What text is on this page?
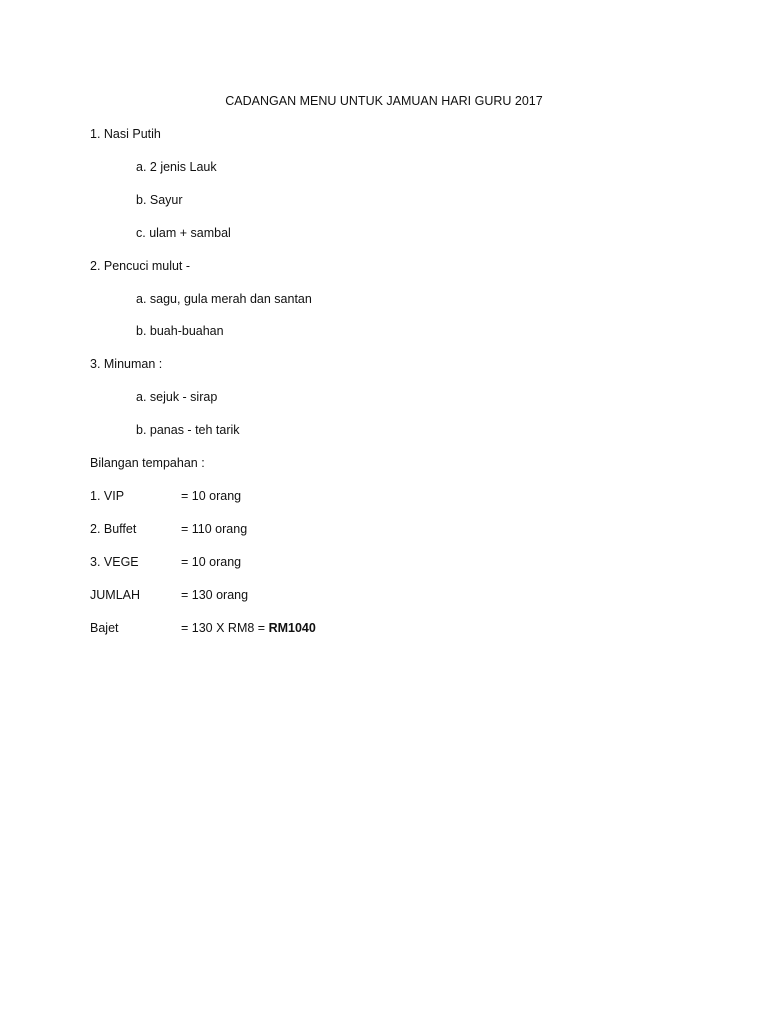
CADANGAN MENU UNTUK JAMUAN HARI GURU 2017
1. Nasi Putih
a. 2 jenis Lauk
b. Sayur
c. ulam + sambal
2. Pencuci mulut -
a. sagu, gula merah dan santan
b. buah-buahan
3. Minuman :
a. sejuk - sirap
b. panas - teh tarik
Bilangan tempahan :
1. VIP	= 10 orang
2. Buffet	= 110 orang
3. VEGE	= 10 orang
JUMLAH	= 130 orang
Bajet	= 130 X RM8 = RM1040
